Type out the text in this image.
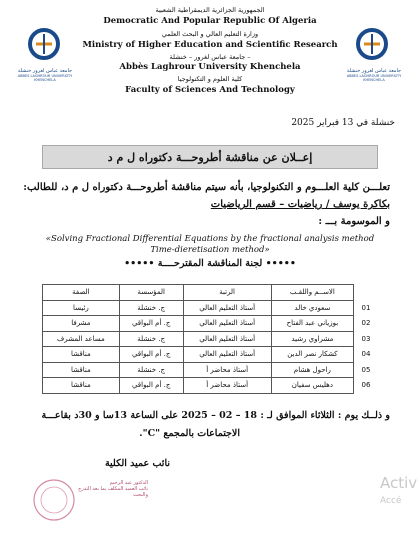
جامعة عباس لغرور خنشلة
ABBES LAGHROUR UNIVERSITY KHENCHELA
جامعة عباس لغرور خنشلة
ABBES LAGHROUR UNIVERSITY KHENCHELA
الجمهورية الجزائرية الديمقراطية الشعبية
Democratic And Popular Republic Of Algeria
وزارة التعليم العالي و البحث العلمي
Ministry of Higher Education and Scientific Research
جامعة عباس لغرور – خنشلة –
Abbès Laghrour University Khenchela
كلية العلوم و التكنولوجيا
Faculty of Sciences And Technology
خنشلة في 13 فبراير 2025
إعــلان عن مناقشة أطروحـــة دكتوراه ل م د
تعلـــن كلية العلـــوم و التكنولوجيا، بأنه سيتم مناقشة أطروحـــة دكتوراه ل م د، للطالب:
بكاكرة يوسف / رياضيات – قسم الرياضيات
و الموسومة بـــ :
«Solving Fractional Differential Equations by the fractional analysis method
Time-dieretisation method»
••••• لجنة المناقشة المقترحــــة •••••
	الاســم واللقـب	الرتبة	المؤسسة	الصفة
01	سعودي خالد	أستاذ التعليم العالي	ج. خنشلة	رئيسا
02	بوزياني عبد الفتاح	أستاذ التعليم العالي	ج. أم البواقي	مشرفا
03	مشراوي رشيد	أستاذ التعليم العالي	ج. خنشلة	مساعد المشرف
04	كشكار نصر الدين	أستاذ التعليم العالي	ج. أم البواقي	مناقشا
05	راحول هشام	أستاذ محاضر أ	ج. خنشلة	مناقشا
06	دهليس سفيان	أستاذ محاضر أ	ج. أم البواقي	مناقشا
و ذلــك يوم : الثلاثاء الموافق لـ : 18 – 02 – 2025 على الساعة 13سا و 30د بقاعـــة
الاجتماعات بالمجمع "C".
نائب عميد الكلية
الدكتور عبد الرحيم
نائب العميد المكلف بما بعد التدرج والبحث
Activ
Accé
